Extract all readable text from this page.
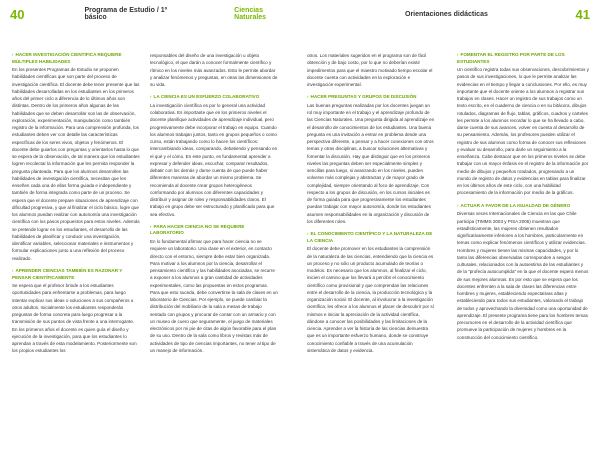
40	Programa de Estudio / 1º básico
Ciencias Naturales	Orientaciones didácticas	41
› HACER INVESTIGACIÓN CIENTÍFICA REQUIERE MÚLTIPLES HABILIDADES

En los presentes Programas de Estudio se proponen habilidades científicas que son parte del proceso de investigación científica. El docente debe tener presente que las habilidades desarrolladas en los estudiantes en los primeros años del primer ciclo a diferencia de lo últimos años son distintas. Dentro de los primeros años algunas de las habilidades que se deben desarrollar son las de observación, exploración, experimentación, manipulación como también registro de la información. Para una comprensión profunda, los estudiantes deben ver con detalle las características específicas de los seres vivos, objetos y fenómenos. El docente debe guiarlos con preguntas y orientarlos hasta lo que se espera de la observación, de tal manera que los estudiantes logren recolectar la información que les permita responder la pregunta planteada. Para que los alumnos desarrollen las habilidades de investigación científica, necesitan que les enseñen cada una de ellas forma guiada e independiente y también de forma integrada como parte de un proceso. Se espera que el docente prepare situaciones de aprendizaje con dificultad progresiva, y que al finalizar el ciclo básico, logre que los alumnos puedan realizar con autonomía una investigación científica con los pasos propuestos para estos niveles. Además se pretende lograr en los estudiantes, el desarrollo de las habilidades de planificar y conducir una investigación, identificar variables, seleccionar materiales e instrumentos y formular explicaciones junto a una reflexión del proceso realizado.

› APRENDER CIENCIAS TAMBIÉN ES RAZONAR Y PENSAR CIENTÍFICAMENTE

Se espera que el profesor brinde a los estudiantes oportunidades para enfrentarse a problemas, para luego intentar explicar sus ideas o soluciones a sus compañeros u otros adultos. Inicialmente los estudiantes responderán preguntas de forma concreta para luego progresar a la transmisión de sus puntos de vista frente a una interrogante. En los primeros años el docente es quien guía el diseño y ejecución de la investigación, para que los estudiantes lo aprendan a través de esta modelamiento. Posteriormente son los propios estudiantes los

responsables del diseño de una investigación u objeto tecnológico, el que darán a conocer formalmente científico y rítmico en los niveles más avanzados. Esto le permite abordar y analizar fenómenos y preguntas, en otras las dimensiones de su vida.

› LA CIENCIA ES UN ESFUERZO COLABORATIVO

La investigación científica es por lo general una actividad colaborativa. Es importante que en los primeros niveles el docente planifique actividades de aprendizaje individual, pero progresivamente debe incorporar el trabajo en equipo. Cuando los alumnos trabajan juntos, tanto en grupos pequeños o como curso, están trabajando como lo hacen los científicos: intercambiando ideas, comparando, debatiendo y pensando en el qué y el cómo. En este punto, es fundamental aprender a expresar y defender ideas, escuchar, comparar resultados, debatir con los demás y darse cuenta de que puede haber diferentes maneras de abordar un mismo problema. Se recomienda al docente crear grupos heterogéneos conformando por alumnos con diferentes capacidades y distribuir y asignar de roles y responsabilidades claros. El trabajo en grupo debe ser estructurado y planificado para que sea efectivo.

› PARA HACER CIENCIA NO SE REQUIERE LABORATORIO

En lo fundamental afirmar que para hacer ciencia no se requiere un laboratorio. Una clase en el exterior, en contacto directo con el entorno, siempre debe estar bien organizada. Para motivar a los alumnos por la ciencia, desarrollar el pensamiento científico y las habilidades asociadas, se recurre a exponer a los alumnos a gran cantidad de actividades experimentales, como las propuestas en estos programas. Para que esto suceda, debe convertirse la sala de clases en un laboratorio de Ciencias. Por ejemplo, se puede cambiar la distribución del mobiliario de la sala a mesas de trabajo sentado con grupos y procurar de contar con un armario y con un museo de cuero que seguramente, el juego de materiales electrónicos por mi pie de citas de algún favorable para el plan de su uso. Dentro de la sala como libros y revistas más de actividades de tipo de ciencias importantes, no tener al tipo de un manejo de información.

otros. Los materiales sugeridos en el programa son de fácil obtención y de bajo costo, por lo que no deberían existir impedimentos para que el maestro motivado tiempo escolar el docente cuenta con actividades en la exploración e investigación experimental.

› HACER PREGUNTAS Y GRUPOS DE DISCUSIÓN

Las buenas preguntas realizadas por los docentes juegan un rol muy importante en el trabajo y el aprendizaje profundo de las Ciencias Naturales. Una pregunta dirigida al aprendizaje en el desarrollo de conocimientos de los estudiantes. Una buena pregunta es una invitación a entrar en problema desde una perspectiva diferente, a pensar y a hacer conexiones con otros temas y otras disciplinas, a buscar soluciones alternativas y fomentar la discusión. Hay que distinguir que en los primeros niveles las preguntas deben ser especialmente simples y sencillas para luego, si avanzando en los niveles, pueden volverse más complejas y abstractas y de mayor grado de complejidad, siempre orientando al foco de aprendizaje. Con respecto a los grupos de discusión, en los cursos iniciales es de forma guiada para que progresivamente los estudiantes puedan trabajar con mayor autonomía, donde los estudiantes asumen responsabilidades en la organización y discusión de los diferentes roles.

› EL CONOCIMIENTO CIENTÍFICO Y LA NATURALEZA DE LA CIENCIA

El docente debe promover en los estudiantes la comprensión de la naturaleza de las ciencias, entendiendo que la ciencia es un proceso y no sólo un producto acumulado de teorías o modelos. Es necesario que los alumnos, al finalizar el ciclo, inicien el camino que los llevará a percibir el conocimiento científico como provisional y que comprendan las relaciones entre el desarrollo de la ciencia, la producción tecnológica y la organización social. El docente, al involucrar a la investigación científica, les ofrece a los alumnos el placer de descubrir por sí mismos e iniciar la apreciación de la actividad científica, dándose a conocer las posibilidades y las limitaciones de la ciencia. Aprender a ver la historia de las ciencias demuestra que es un importante esfuerzo humano, donde se construye conocimiento confiable a través de una acumulación sistemática de datos y evidencia.

› FOMENTAR EL REGISTRO POR PARTE DE LOS ESTUDIANTES

Un científico registra todas sus observaciones, descubrimientos y pasos de sus investigaciones, lo que le permite analizar las evidencias en el tiempo y llegar a conclusiones. Por ello, es muy importante que el docente oriente a los alumnos a registrar sus trabajos en clases. Hacer un registro de sus trabajos como un texto escrito, en el cuaderno de ciencia o en su bitácora, dibujos rotulados, diagramas de flujo, tablas, gráficos, cuadros y carteles les permite a los alumnos recordar lo que se ha llevado a cabo, darse cuenta de sus avances, volver en cuenta al desarrollo de su pensamiento. Además, los profesores pueden utilizar el registro de sus alumnos como forma de conocer sus reflexiones y evaluar su desarrollo, para darle un seguimiento a la enseñanza. Cabe destacar que en los primeros niveles se debe trabajar con un mayor énfasis en el registro de la información por medio de dibujos y pequeños rotulados, progresando a un mundo de registro de datos y evidencias en tablas para finalizar en los últimos años de este ciclo, con una habilidad procesamiento de la información por medio de la gráficos.

› ACTUAR A FAVOR DE LA IGUALDAD DE GÉNERO

Diversas veces Internacionales de Ciencia en las que Chile participa (TIMMS 2003 y PISA 2006) muestran que estadísticamente, las mujeres obtienen resultados significativamente inferiores a los hombres, particularmente en temas como explicar fenómenos científicos y utilizar evidencias. Hombres y mujeres tienen las mismas capacidades, y por lo tanto las diferencias observadas corresponden a sesgos culturales, relacionados con la autoestima de las estudiantes y de la "profecía autocumplida" en la que el docente espera menos de sus mejores alumnas. Es por esto que se espera que los docentes enfrenten a la sala de clases las diferencias entre hombres y mujeres, estableciendo expectativas altas y estableciendo para todos sus estudiantes, valorando el trabajo de todos y aprovechando la diversidad como una oportunidad de aprendizaje. El presente programa tiene para los hombres temas precursores en el desarrollo de la actividad científica que promueve la participación de mujeres y hombres en la construcción del conocimiento científico.
